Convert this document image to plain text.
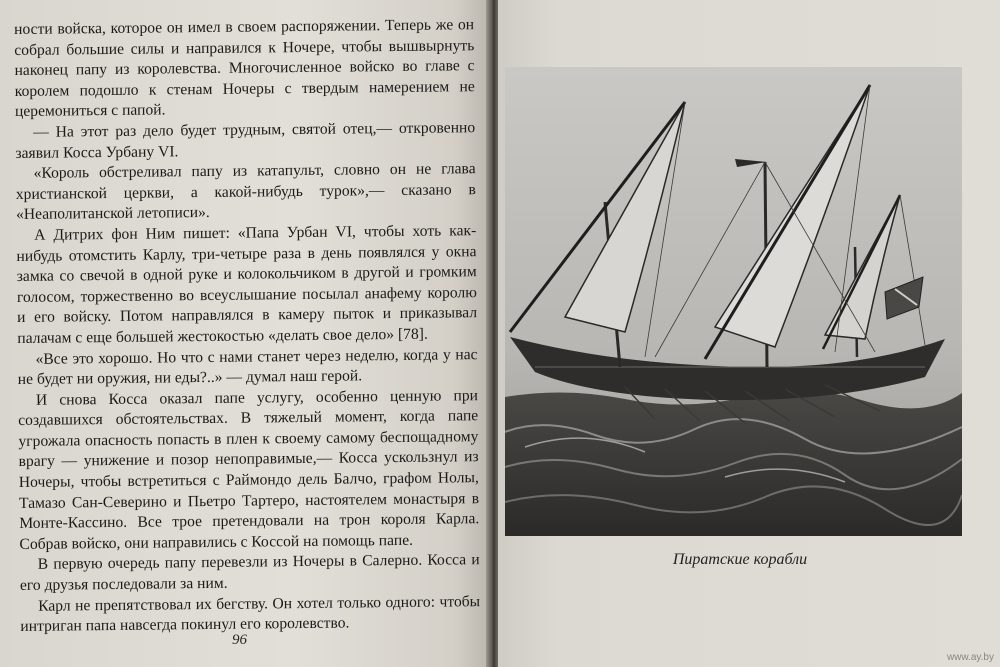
ности войска, которое он имел в своем распоряжении. Теперь же он собрал большие силы и направился к Ночере, чтобы вышвырнуть наконец папу из королевства. Многочисленное войско во главе с королем подошло к стенам Ночеры с твердым намерением не церемониться с папой.

— На этот раз дело будет трудным, святой отец,— откровенно заявил Косса Урбану VI.

«Король обстреливал папу из катапульт, словно он не глава христианской церкви, а какой-нибудь турок»,— сказано в «Неаполитанской летописи».

А Дитрих фон Ним пишет: «Папа Урбан VI, чтобы хоть как-нибудь отомстить Карлу, три-четыре раза в день появлялся у окна замка со свечой в одной руке и колокольчиком в другой и громким голосом, торжественно во всеуслышание посылал анафему королю и его войску. Потом направлялся в камеру пыток и приказывал палачам с еще большей жестокостью «делать свое дело» [78].

«Все это хорошо. Но что с нами станет через неделю, когда у нас не будет ни оружия, ни еды?..» — думал наш герой.

И снова Косса оказал папе услугу, особенно ценную при создавшихся обстоятельствах. В тяжелый момент, когда папе угрожала опасность попасть в плен к своему самому беспощадному врагу — унижение и позор непоправимые,— Косса ускользнул из Ночеры, чтобы встретиться с Раймондо дель Балчо, графом Нолы, Тамазо Сан-Северино и Пьетро Тартеро, настоятелем монастыря в Монте-Кассино. Все трое претендовали на трон короля Карла. Собрав войско, они направились с Коссой на помощь папе.

В первую очередь папу перевезли из Ночеры в Салерно. Косса и его друзья последовали за ним.

Карл не препятствовал их бегству. Он хотел только одного: чтобы интриган папа навсегда покинул его королевство.

96
Пиратские корабли
www.ay.by
